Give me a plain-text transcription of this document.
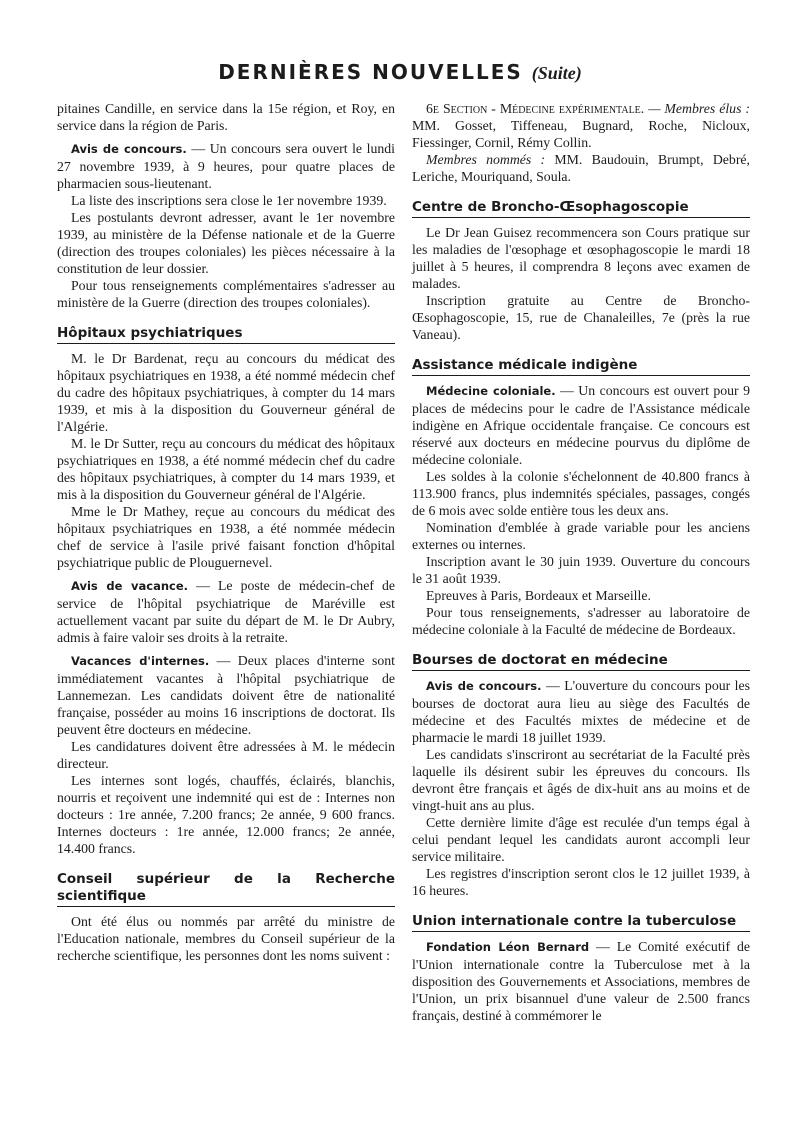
DERNIÈRES NOUVELLES (Suite)

pitaines Candille, en service dans la 15e région, et Roy, en service dans la région de Paris.

Avis de concours. — Un concours sera ouvert le lundi 27 novembre 1939, à 9 heures, pour quatre places de pharmacien sous-lieutenant.

La liste des inscriptions sera close le 1er novembre 1939.

Les postulants devront adresser, avant le 1er novembre 1939, au ministère de la Défense nationale et de la Guerre (direction des troupes coloniales) les pièces nécessaire à la constitution de leur dossier.

Pour tous renseignements complémentaires s'adresser au ministère de la Guerre (direction des troupes coloniales).

Hôpitaux psychiatriques

M. le Dr Bardenat, reçu au concours du médicat des hôpitaux psychiatriques en 1938, a été nommé médecin chef du cadre des hôpitaux psychiatriques, à compter du 14 mars 1939, et mis à la disposition du Gouverneur général de l'Algérie.

M. le Dr Sutter, reçu au concours du médicat des hôpitaux psychiatriques en 1938, a été nommé médecin chef du cadre des hôpitaux psychiatriques, à compter du 14 mars 1939, et mis à la disposition du Gouverneur général de l'Algérie.

Mme le Dr Mathey, reçue au concours du médicat des hôpitaux psychiatriques en 1938, a été nommée médecin chef de service à l'asile privé faisant fonction d'hôpital psychiatrique public de Plouguernevel.

Avis de vacance. — Le poste de médecin-chef de service de l'hôpital psychiatrique de Maréville est actuellement vacant par suite du départ de M. le Dr Aubry, admis à faire valoir ses droits à la retraite.

Vacances d'internes. — Deux places d'interne sont immédiatement vacantes à l'hôpital psychiatrique de Lannemezan. Les candidats doivent être de nationalité française, posséder au moins 16 inscriptions de doctorat. Ils peuvent être docteurs en médecine.

Les candidatures doivent être adressées à M. le médecin directeur.

Les internes sont logés, chauffés, éclairés, blanchis, nourris et reçoivent une indemnité qui est de : Internes non docteurs : 1re année, 7.200 francs; 2e année, 9 600 francs. Internes docteurs : 1re année, 12.000 francs; 2e année, 14.400 francs.

Conseil supérieur de la Recherche scientifique

Ont été élus ou nommés par arrêté du ministre de l'Education nationale, membres du Conseil supérieur de la recherche scientifique, les personnes dont les noms suivent :

6e Section - Médecine expérimentale. — Membres élus : MM. Gosset, Tiffeneau, Bugnard, Roche, Nicloux, Fiessinger, Cornil, Rémy Collin.

Membres nommés : MM. Baudouin, Brumpt, Debré, Leriche, Mouriquand, Soula.

Centre de Broncho-Œsophagoscopie

Le Dr Jean Guisez recommencera son Cours pratique sur les maladies de l'œsophage et œsophagoscopie le mardi 18 juillet à 5 heures, il comprendra 8 leçons avec examen de malades.

Inscription gratuite au Centre de Broncho-Œsophagoscopie, 15, rue de Chanaleilles, 7e (près la rue Vaneau).

Assistance médicale indigène

Médecine coloniale. — Un concours est ouvert pour 9 places de médecins pour le cadre de l'Assistance médicale indigène en Afrique occidentale française. Ce concours est réservé aux docteurs en médecine pourvus du diplôme de médecine coloniale.

Les soldes à la colonie s'échelonnent de 40.800 francs à 113.900 francs, plus indemnités spéciales, passages, congés de 6 mois avec solde entière tous les deux ans.

Nomination d'emblée à grade variable pour les anciens externes ou internes.

Inscription avant le 30 juin 1939. Ouverture du concours le 31 août 1939.

Epreuves à Paris, Bordeaux et Marseille.

Pour tous renseignements, s'adresser au laboratoire de médecine coloniale à la Faculté de médecine de Bordeaux.

Bourses de doctorat en médecine

Avis de concours. — L'ouverture du concours pour les bourses de doctorat aura lieu au siège des Facultés de médecine et des Facultés mixtes de médecine et de pharmacie le mardi 18 juillet 1939.

Les candidats s'inscriront au secrétariat de la Faculté près laquelle ils désirent subir les épreuves du concours. Ils devront être français et âgés de dix-huit ans au moins et de vingt-huit ans au plus.

Cette dernière limite d'âge est reculée d'un temps égal à celui pendant lequel les candidats auront accompli leur service militaire.

Les registres d'inscription seront clos le 12 juillet 1939, à 16 heures.

Union internationale contre la tuberculose

Fondation Léon Bernard — Le Comité exécutif de l'Union internationale contre la Tuberculose met à la disposition des Gouvernements et Associations, membres de l'Union, un prix bisannuel d'une valeur de 2.500 francs français, destiné à commémorer le
